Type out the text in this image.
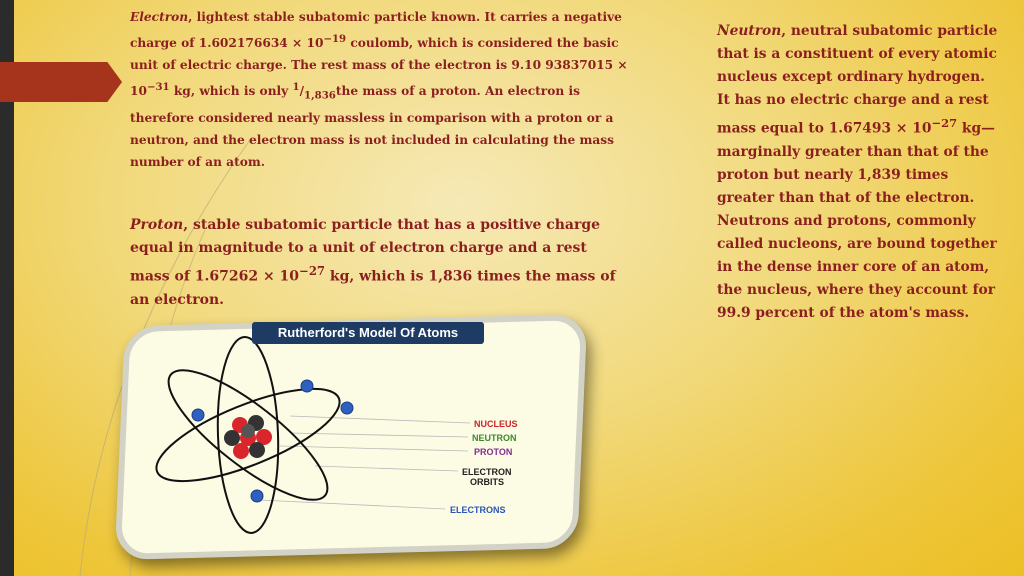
Electron, lightest stable subatomic particle known. It carries a negative charge of $1.602176634 \times 10^{-19}$ coulomb, which is considered the basic unit of electric charge. The rest mass of the electron is 9.10 $93837015 \times 10^{-31}$ kg, which is only $^1/_{1,836}the$ mass of a proton. An electron is therefore considered nearly massless in comparison with a proton or a neutron, and the electron mass is not included in calculating the mass number of an atom.
Proton, stable subatomic particle that has a positive charge equal in magnitude to a unit of electron charge and a rest mass of $1.67262 \times 10^{-27}$ kg, which is 1,836 times the mass of an electron.
Neutron, neutral subatomic particle that is a constituent of every atomic nucleus except ordinary hydrogen. It has no electric charge and a rest mass equal to $1.67493 \times 10^{-27}$ kg—marginally greater than that of the proton but nearly 1,839 times greater than that of the electron. Neutrons and protons, commonly called nucleons, are bound together in the dense inner core of an atom, the nucleus, where they account for 99.9 percent of the atom's mass.
Rutherford's Model Of Atoms
NUCLEUS
NEUTRON
PROTON
ELECTRON
ORBITS
ELECTRONS
